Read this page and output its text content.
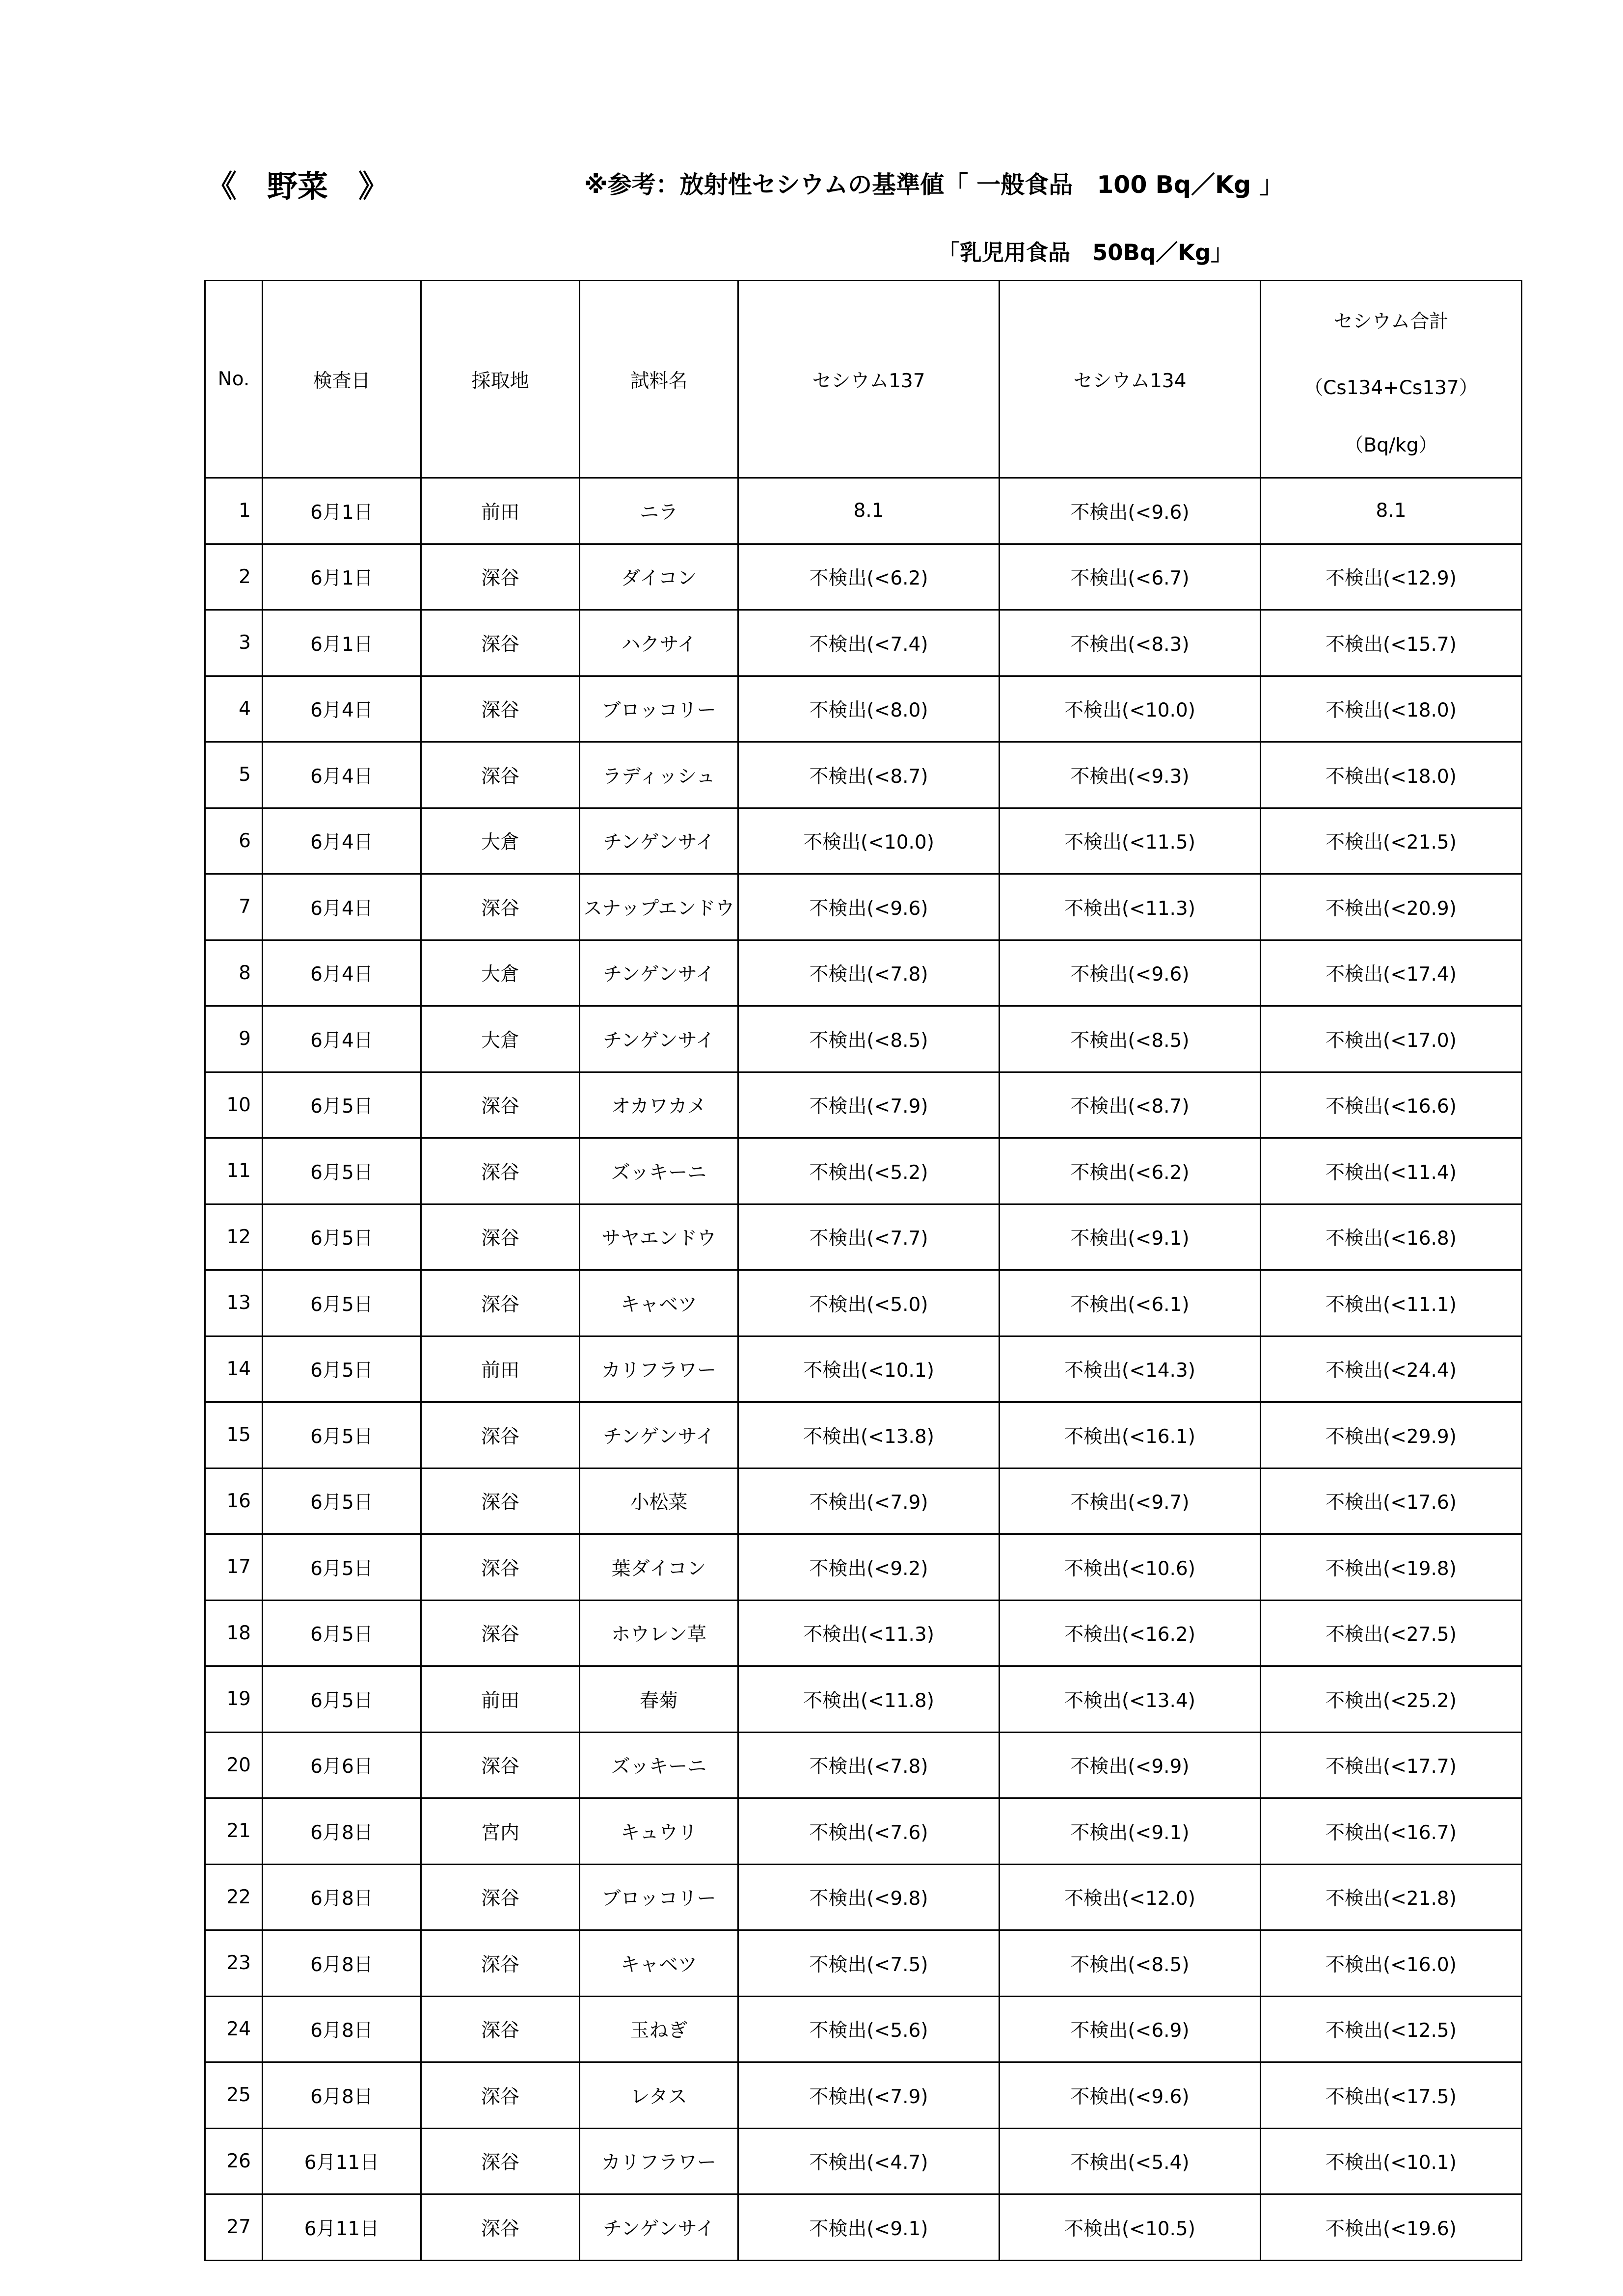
《　野菜　》	※参考：放射性セシウムの基準値「 一般食品　100 Bq／Kg 」
「乳児用食品　50Bq／Kg」
No.	検査日	採取地	試料名	セシウム137	セシウム134	セシウム合計
（Cs134+Cs137）
（Bq/kg）

1	6月1日	前田	ニラ	8.1	不検出(<9.6)	8.1
2	6月1日	深谷	ダイコン	不検出(<6.2)	不検出(<6.7)	不検出(<12.9)
3	6月1日	深谷	ハクサイ	不検出(<7.4)	不検出(<8.3)	不検出(<15.7)
4	6月4日	深谷	ブロッコリー	不検出(<8.0)	不検出(<10.0)	不検出(<18.0)
5	6月4日	深谷	ラディッシュ	不検出(<8.7)	不検出(<9.3)	不検出(<18.0)
6	6月4日	大倉	チンゲンサイ	不検出(<10.0)	不検出(<11.5)	不検出(<21.5)
7	6月4日	深谷	スナップエンドウ	不検出(<9.6)	不検出(<11.3)	不検出(<20.9)
8	6月4日	大倉	チンゲンサイ	不検出(<7.8)	不検出(<9.6)	不検出(<17.4)
9	6月4日	大倉	チンゲンサイ	不検出(<8.5)	不検出(<8.5)	不検出(<17.0)
10	6月5日	深谷	オカワカメ	不検出(<7.9)	不検出(<8.7)	不検出(<16.6)
11	6月5日	深谷	ズッキーニ	不検出(<5.2)	不検出(<6.2)	不検出(<11.4)
12	6月5日	深谷	サヤエンドウ	不検出(<7.7)	不検出(<9.1)	不検出(<16.8)
13	6月5日	深谷	キャベツ	不検出(<5.0)	不検出(<6.1)	不検出(<11.1)
14	6月5日	前田	カリフラワー	不検出(<10.1)	不検出(<14.3)	不検出(<24.4)
15	6月5日	深谷	チンゲンサイ	不検出(<13.8)	不検出(<16.1)	不検出(<29.9)
16	6月5日	深谷	小松菜	不検出(<7.9)	不検出(<9.7)	不検出(<17.6)
17	6月5日	深谷	葉ダイコン	不検出(<9.2)	不検出(<10.6)	不検出(<19.8)
18	6月5日	深谷	ホウレン草	不検出(<11.3)	不検出(<16.2)	不検出(<27.5)
19	6月5日	前田	春菊	不検出(<11.8)	不検出(<13.4)	不検出(<25.2)
20	6月6日	深谷	ズッキーニ	不検出(<7.8)	不検出(<9.9)	不検出(<17.7)
21	6月8日	宮内	キュウリ	不検出(<7.6)	不検出(<9.1)	不検出(<16.7)
22	6月8日	深谷	ブロッコリー	不検出(<9.8)	不検出(<12.0)	不検出(<21.8)
23	6月8日	深谷	キャベツ	不検出(<7.5)	不検出(<8.5)	不検出(<16.0)
24	6月8日	深谷	玉ねぎ	不検出(<5.6)	不検出(<6.9)	不検出(<12.5)
25	6月8日	深谷	レタス	不検出(<7.9)	不検出(<9.6)	不検出(<17.5)
26	6月11日	深谷	カリフラワー	不検出(<4.7)	不検出(<5.4)	不検出(<10.1)
27	6月11日	深谷	チンゲンサイ	不検出(<9.1)	不検出(<10.5)	不検出(<19.6)
